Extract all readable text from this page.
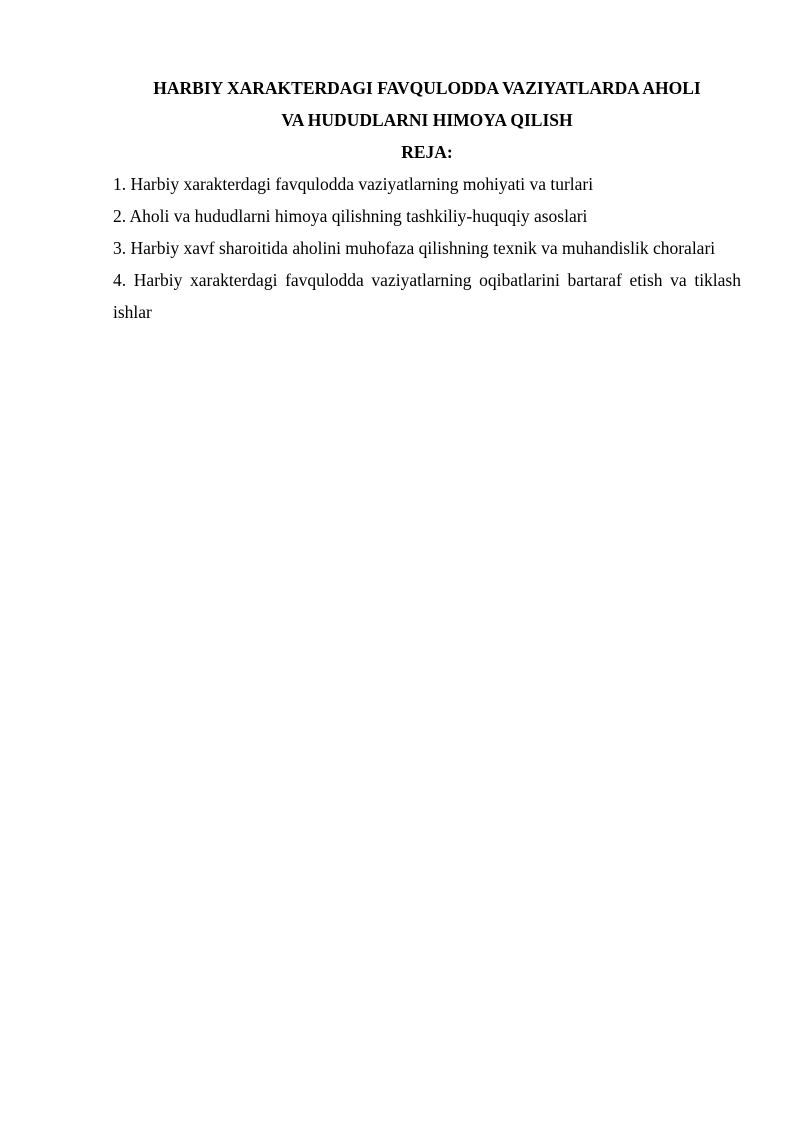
HARBIY XARAKTERDAGI FAVQULODDA VAZIYATLARDA AHOLI
VA HUDUDLARNI HIMOYA QILISH

REJA:

1. Harbiy xarakterdagi favqulodda vaziyatlarning mohiyati va turlari
2. Aholi va hududlarni himoya qilishning tashkiliy-huquqiy asoslari
3. Harbiy xavf sharoitida aholini muhofaza qilishning texnik va muhandislik choralari
4. Harbiy xarakterdagi favqulodda vaziyatlarning oqibatlarini bartaraf etish va tiklash ishlar
